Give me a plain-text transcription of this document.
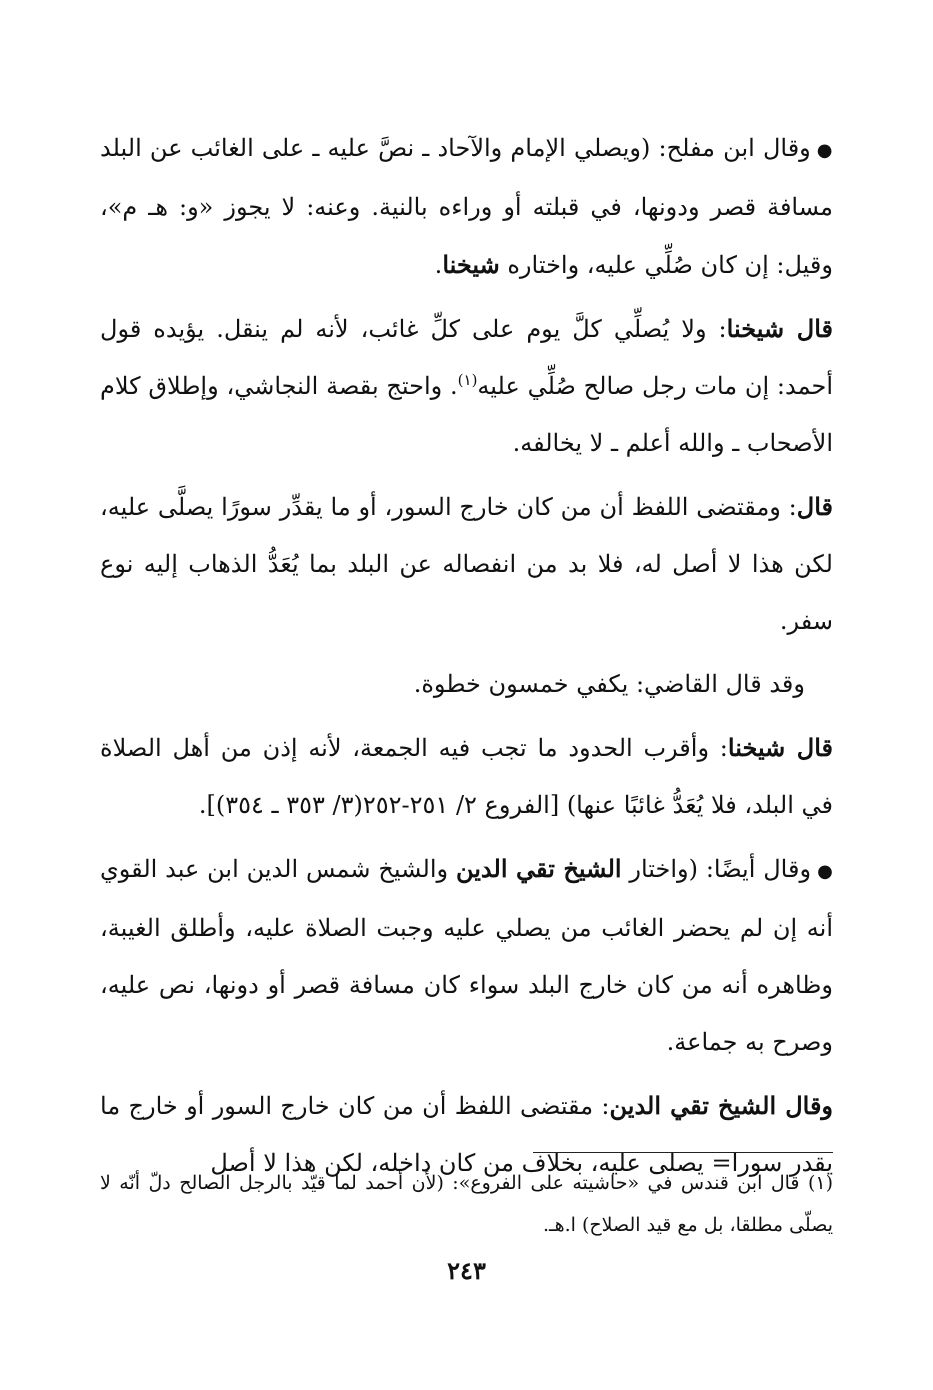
●وقال ابن مفلح: (ويصلي الإمام والآحاد ـ نصَّ عليه ـ على الغائب عن البلد مسافة قصر ودونها، في قبلته أو وراءه بالنية. وعنه: لا يجوز «و: هـ م»، وقيل: إن كان صُلِّي عليه، واختاره شيخنا.

قال شيخنا: ولا يُصلِّي كلَّ يوم على كلِّ غائب، لأنه لم ينقل. يؤيده قول أحمد: إن مات رجل صالح صُلِّي عليه$^{(١)}$. واحتج بقصة النجاشي، وإطلاق كلام الأصحاب ـ والله أعلم ـ لا يخالفه.

قال: ومقتضى اللفظ أن من كان خارج السور، أو ما يقدِّر سورًا يصلَّى عليه، لكن هذا لا أصل له، فلا بد من انفصاله عن البلد بما يُعَدُّ الذهاب إليه نوع سفر.

وقد قال القاضي: يكفي خمسون خطوة.

قال شيخنا: وأقرب الحدود ما تجب فيه الجمعة، لأنه إذن من أهل الصلاة في البلد، فلا يُعَدُّ غائبًا عنها) [الفروع ٢/ ٢٥١-٢٥٢(٣/ ٣٥٣ ـ ٣٥٤)].

●وقال أيضًا: (واختار الشيخ تقي الدين والشيخ شمس الدين ابن عبد القوي أنه إن لم يحضر الغائب من يصلي عليه وجبت الصلاة عليه، وأطلق الغيبة، وظاهره أنه من كان خارج البلد سواء كان مسافة قصر أو دونها، نص عليه، وصرح به جماعة.

وقال الشيخ تقي الدين: مقتضى اللفظ أن من كان خارج السور أو خارج ما يقدر سورا= يصلى عليه، بخلاف من كان داخله، لكن هذا لا أصل

(١) قال ابن قندس في «حاشيته على الفروع»: (لأن أحمد لما قيّد بالرجل الصالح دلّ أنّه لا يصلّى مطلقا، بل مع قيد الصلاح) ا.هـ.
٢٤٣
